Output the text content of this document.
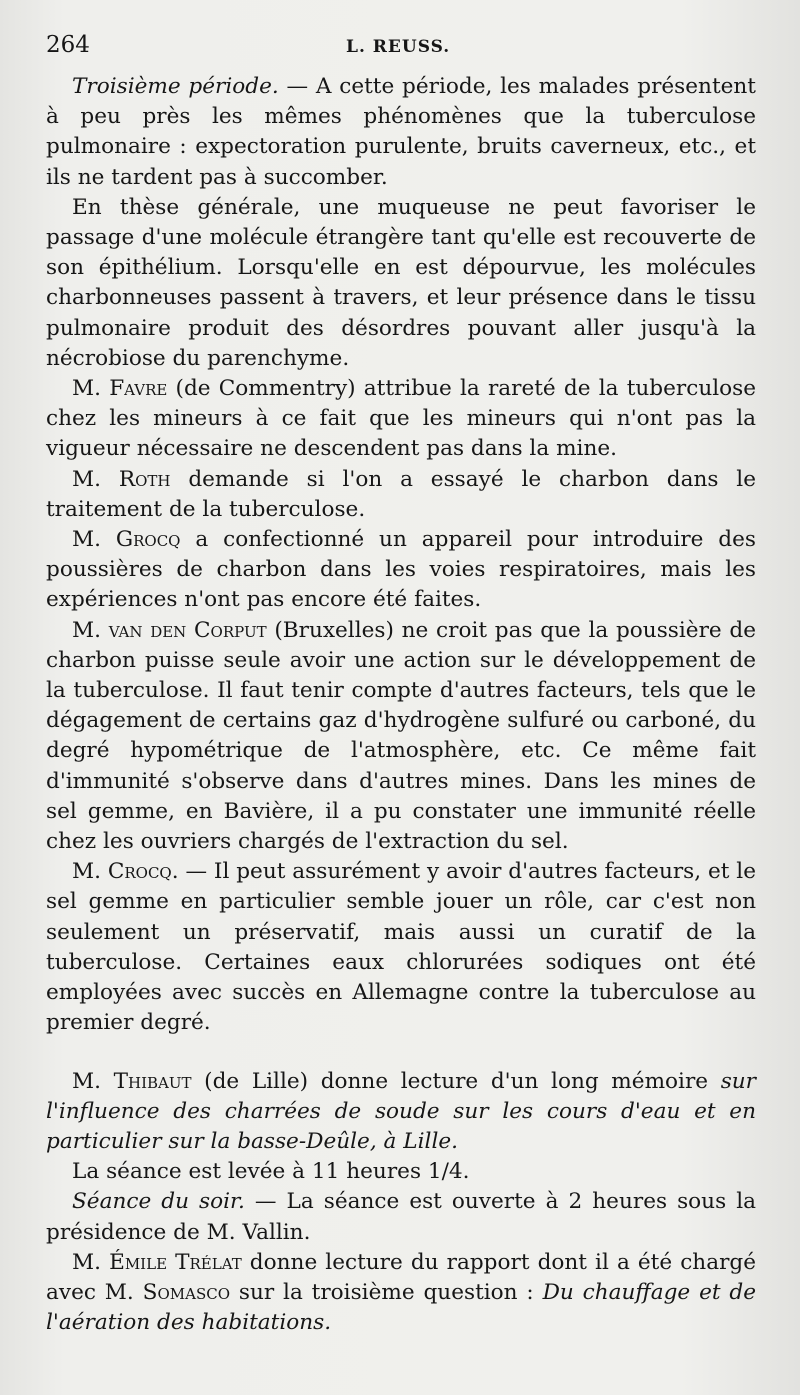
264	L. REUSS.

Troisième période. — A cette période, les malades présentent à peu près les mêmes phénomènes que la tuberculose pulmonaire : expectoration purulente, bruits caverneux, etc., et ils ne tardent pas à succomber.

En thèse générale, une muqueuse ne peut favoriser le passage d'une molécule étrangère tant qu'elle est recouverte de son épithélium. Lorsqu'elle en est dépourvue, les molécules charbonneuses passent à travers, et leur présence dans le tissu pulmonaire produit des désordres pouvant aller jusqu'à la nécrobiose du parenchyme.

M. Favre (de Commentry) attribue la rareté de la tuberculose chez les mineurs à ce fait que les mineurs qui n'ont pas la vigueur nécessaire ne descendent pas dans la mine.

M. Roth demande si l'on a essayé le charbon dans le traitement de la tuberculose.

M. Grocq a confectionné un appareil pour introduire des poussières de charbon dans les voies respiratoires, mais les expériences n'ont pas encore été faites.

M. van den Corput (Bruxelles) ne croit pas que la poussière de charbon puisse seule avoir une action sur le développement de la tuberculose. Il faut tenir compte d'autres facteurs, tels que le dégagement de certains gaz d'hydrogène sulfuré ou carboné, du degré hypométrique de l'atmosphère, etc. Ce même fait d'immunité s'observe dans d'autres mines. Dans les mines de sel gemme, en Bavière, il a pu constater une immunité réelle chez les ouvriers chargés de l'extraction du sel.

M. Crocq. — Il peut assurément y avoir d'autres facteurs, et le sel gemme en particulier semble jouer un rôle, car c'est non seulement un préservatif, mais aussi un curatif de la tuberculose. Certaines eaux chlorurées sodiques ont été employées avec succès en Allemagne contre la tuberculose au premier degré.

M. Thibaut (de Lille) donne lecture d'un long mémoire sur l'influence des charrées de soude sur les cours d'eau et en particulier sur la basse-Deûle, à Lille.

La séance est levée à 11 heures 1/4.

Séance du soir. — La séance est ouverte à 2 heures sous la présidence de M. Vallin.

M. Émile Trélat donne lecture du rapport dont il a été chargé avec M. Somasco sur la troisième question : Du chauffage et de l'aération des habitations.
